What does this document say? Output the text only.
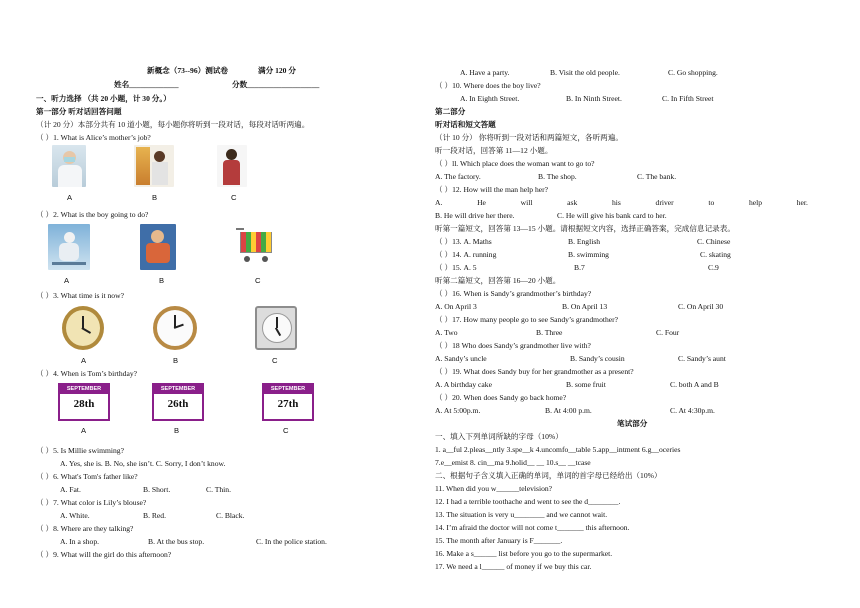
新概念（73--96）测试卷	满分 120 分
姓名_____________	分数___________________
一、听力选择 （共 20 小题，计 30 分。）
第一部分 听对话回答问题
（计 20 分）本部分共有 10 道小题，每小题你将听到一段对话，每段对话听两遍。
（ ）1. What is Alice’s mother’s job?
A	B	C
（ ）2. What is the boy going to do?
A	B	C
（ ）3. What time is it now?
A	B	C
（ ）4. When is Tom’s birthday?
SEPTEMBER
28th
SEPTEMBER
26th
SEPTEMBER
27th
A	B	C
（ ）5. Is Millie swimming?
A. Yes, she is. B. No, she isn’t. C. Sorry, I don’t know.
（ ）6. What's Tom's father like?
A. Fat.	B. Short.	C. Thin.
（ ）7. What color is Lily’s blouse?
A. White.	B. Red.	C. Black.
（ ）8. Where are they talking?
A. In a shop.	B. At the bus stop.	C. In the police station.
（ ）9. What will the girl do this afternoon?
A. Have a party.	B. Visit the old people.	C. Go shopping.
（ ）10. Where does the boy live?
A. In Eighth Street.	B. In Ninth Street.	C. In Fifth Street
第二部分
听对话和短文答题
（计 10 分） 你将听到一段对话和两篇短文，各听两遍。
听一段对话，回答第 11—12 小题。
（ ）ll. Which place does the woman want to go to?
A. The factory.	B. The shop.	C. The bank.
（ ）12. How will the man help her?
A.	He	will	ask	his	driver	to	help	her.
B. He will drive her there.	C. He will give his bank card to her.
听第一篇短文，回答第 13—15 小题。请根据短文内容，选择正确答案，完成信息记录表。
（ ）13. A. Maths	B. English	C. Chinese
（ ）14. A. running	B. swimming	C. skating
（ ）15. A. 5	B.7	C.9
听第二篇短文，回答第 16—20 小题。
（ ）16. When is Sandy’s grandmother’s birthday?
A. On April 3	B. On April 13	C. On April 30
（ ）17. How many people go to see Sandy’s grandmother?
A. Two	B. Three	C. Four
（ ）18 Who does Sandy’s grandmother live with?
A. Sandy’s uncle	B. Sandy’s cousin	C. Sandy’s aunt
（ ）19. What does Sandy buy for her grandmother as a present?
A. A birthday cake	B. some fruit	C. both A and B
（ ）20. When does Sandy go back home?
A. At 5:00p.m.	B. At 4:00 p.m.	C. At 4:30p.m.
笔试部分
一、填入下列单词所缺的字母（10%）
1. a__ful 2.pleas__ntly 3.spe__k 4.uncomfo__table 5.app__intment 6.g__oceries
7.e__emist 8. cin__ma 9.holid__ __ 10.s__ __tcase
二、根据句子含义填入正确的单词，单词的首字母已经给出（10%）
11. When did you w______television?
12. I had a terrible toothache and went to see the d________.
13. The situation is very u________ and we cannot wait.
14. I’m afraid the doctor will not come t_______ this afternoon.
15. The month after January is F_______.
16. Make a s______ list before you go to the supermarket.
17. We need a l______ of money if we buy this car.
